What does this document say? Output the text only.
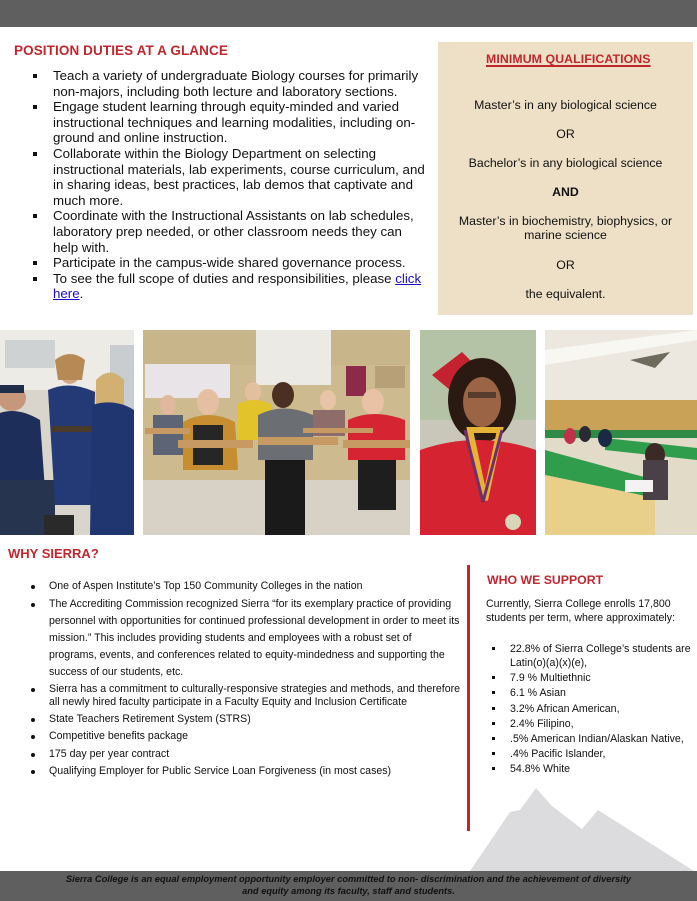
POSITION DUTIES AT A GLANCE
Teach a variety of undergraduate Biology courses for primarily non-majors, including both lecture and laboratory sections.
Engage student learning through equity-minded and varied instructional techniques and learning modalities, including on-ground and online instruction.
Collaborate within the Biology Department on selecting instructional materials, lab experiments, course curriculum, and in sharing ideas, best practices, lab demos that captivate and much more.
Coordinate with the Instructional Assistants on lab schedules, laboratory prep needed, or other classroom needs they can help with.
Participate in the campus-wide shared governance process.
To see the full scope of duties and responsibilities, please click here.
MINIMUM QUALIFICATIONS
Master’s in any biological science
OR
Bachelor’s in any biological science
AND
Master’s in biochemistry, biophysics, or marine science
OR
the equivalent.
WHY SIERRA?
One of Aspen Institute’s Top 150 Community Colleges in the nation
The Accrediting Commission recognized Sierra “for its exemplary practice of providing personnel with opportunities for continued professional development in order to meet its mission.” This includes providing students and employees with a robust set of programs, events, and conferences related to equity-mindedness and supporting the success of our students, etc.
Sierra has a commitment to culturally-responsive strategies and methods, and therefore all newly hired faculty participate in a Faculty Equity and Inclusion Certificate
State Teachers Retirement System (STRS)
Competitive benefits package
175 day per year contract
Qualifying Employer for Public Service Loan Forgiveness (in most cases)
WHO WE SUPPORT
Currently, Sierra College enrolls 17,800 students per term, where approximately:
22.8% of Sierra College’s students are Latin(o)(a)(x)(e),
7.9 % Multiethnic
6.1 % Asian
3.2% African American,
2.4% Filipino,
.5% American Indian/Alaskan Native,
.4% Pacific Islander,
54.8% White
Sierra College is an equal employment opportunity employer committed to non- discrimination and the achievement of diversity
and equity among its faculty, staff and students.
